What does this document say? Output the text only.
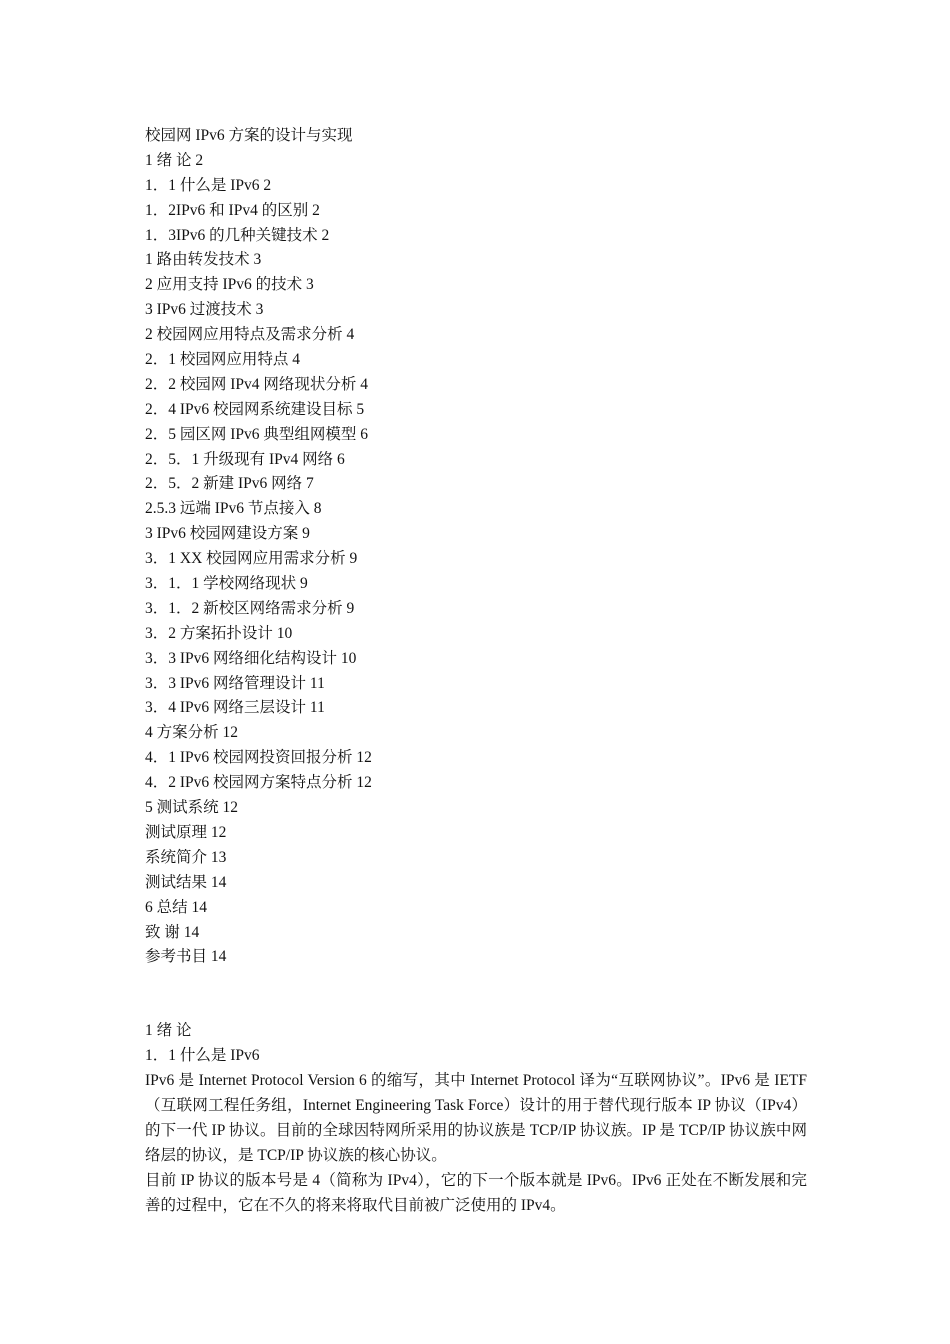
校园网 IPv6 方案的设计与实现
1 绪 论 2
1．1 什么是 IPv6 2
1．2IPv6 和 IPv4 的区别 2
1．3IPv6 的几种关键技术 2
1 路由转发技术 3
2 应用支持 IPv6 的技术 3
3 IPv6 过渡技术 3
2 校园网应用特点及需求分析 4
2．1 校园网应用特点 4
2．2 校园网 IPv4 网络现状分析 4
2．4 IPv6 校园网系统建设目标 5
2．5 园区网 IPv6 典型组网模型 6
2．5．1 升级现有 IPv4 网络 6
2．5．2 新建 IPv6 网络 7
2.5.3 远端 IPv6 节点接入 8
3 IPv6 校园网建设方案 9
3．1 XX 校园网应用需求分析 9
3．1．1 学校网络现状 9
3．1．2 新校区网络需求分析 9
3．2 方案拓扑设计 10
3．3 IPv6 网络细化结构设计 10
3．3 IPv6 网络管理设计 11
3．4 IPv6 网络三层设计 11
4 方案分析 12
4．1 IPv6 校园网投资回报分析 12
4．2 IPv6 校园网方案特点分析 12
5 测试系统 12
测试原理 12
系统简介 13
测试结果 14
6 总结 14
致 谢 14
参考书目 14
1 绪 论
1．1 什么是 IPv6

IPv6 是 Internet Protocol Version 6 的缩写，其中 Internet Protocol 译为“互联网协议”。IPv6 是 IETF（互联网工程任务组，Internet Engineering Task Force）设计的用于替代现行版本 IP 协议（IPv4）的下一代 IP 协议。目前的全球因特网所采用的协议族是 TCP/IP 协议族。IP 是 TCP/IP 协议族中网络层的协议，是 TCP/IP 协议族的核心协议。

目前 IP 协议的版本号是 4（简称为 IPv4），它的下一个版本就是 IPv6。IPv6 正处在不断发展和完善的过程中，它在不久的将来将取代目前被广泛使用的 IPv4。
